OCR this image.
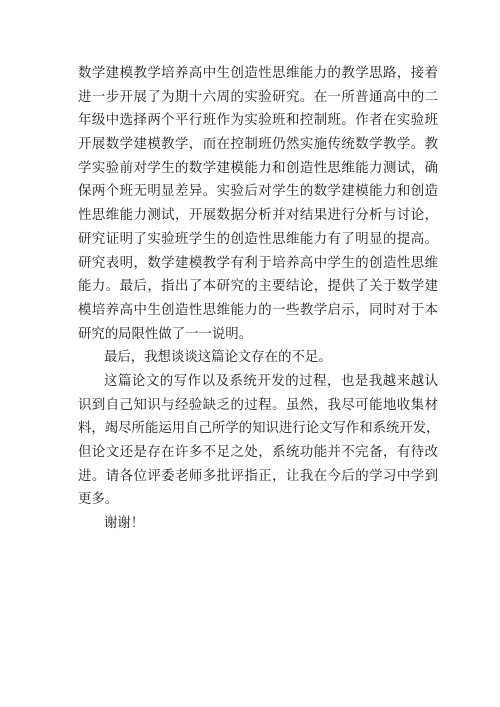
数学建模教学培养高中生创造性思维能力的教学思路，接着
进一步开展了为期十六周的实验研究。在一所普通高中的二
年级中选择两个平行班作为实验班和控制班。作者在实验班
开展数学建模教学，而在控制班仍然实施传统数学教学。教
学实验前对学生的数学建模能力和创造性思维能力测试，确
保两个班无明显差异。实验后对学生的数学建模能力和创造
性思维能力测试，开展数据分析并对结果进行分析与讨论，
研究证明了实验班学生的创造性思维能力有了明显的提高。
研究表明，数学建模教学有利于培养高中学生的创造性思维
能力。最后，指出了本研究的主要结论，提供了关于数学建
模培养高中生创造性思维能力的一些教学启示，同时对于本
研究的局限性做了一一说明。
最后，我想谈谈这篇论文存在的不足。
这篇论文的写作以及系统开发的过程，也是我越来越认
识到自己知识与经验缺乏的过程。虽然，我尽可能地收集材
料，竭尽所能运用自己所学的知识进行论文写作和系统开发，
但论文还是存在许多不足之处，系统功能并不完备，有待改
进。请各位评委老师多批评指正，让我在今后的学习中学到
更多。
谢谢！
